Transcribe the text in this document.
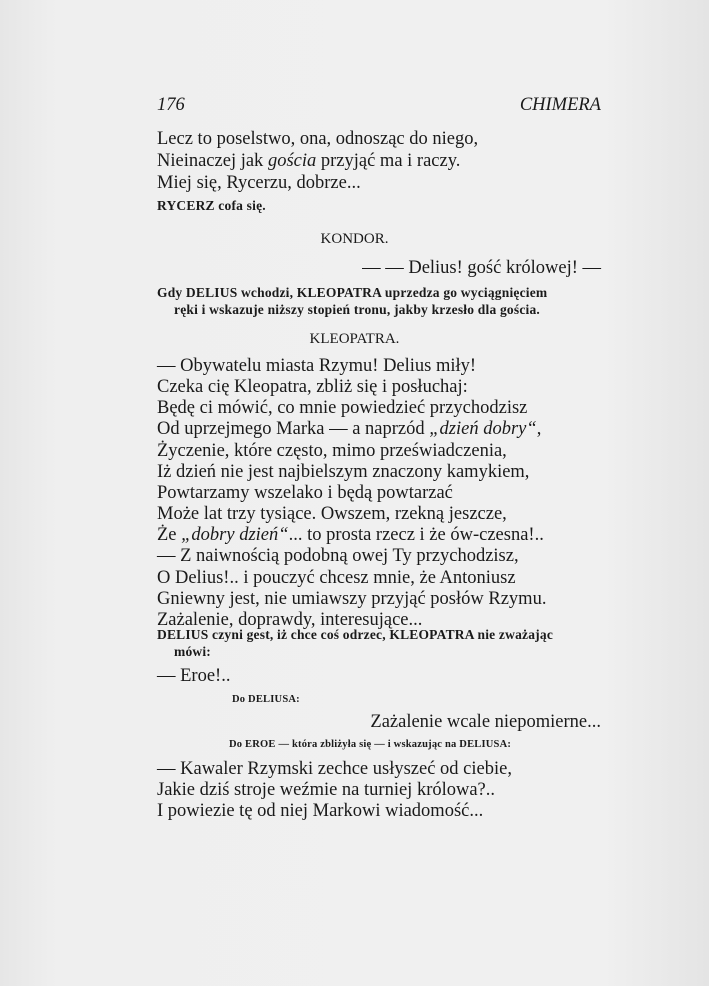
176	CHIMERA
Lecz to poselstwo, ona, odnosząc do niego,
Nieinaczej jak gościa przyjąć ma i raczy.
Miej się, Rycerzu, dobrze...
RYCERZ cofa się.
KONDOR.
— — Delius! gość królowej! —
Gdy DELIUS wchodzi, KLEOPATRA uprzedza go wyciągnięciem
ręki i wskazuje niższy stopień tronu, jakby krzesło dla gościa.
KLEOPATRA.
— Obywatelu miasta Rzymu! Delius miły!
Czeka cię Kleopatra, zbliż się i posłuchaj:
Będę ci mówić, co mnie powiedzieć przychodzisz
Od uprzejmego Marka — a naprzód „dzień dobry“,
Życzenie, które często, mimo przeświadczenia,
Iż dzień nie jest najbielszym znaczony kamykiem,
Powtarzamy wszelako i będą powtarzać
Może lat trzy tysiące. Owszem, rzekną jeszcze,
Że „dobry dzień“... to prosta rzecz i że ów-czesna!..
— Z naiwnością podobną owej Ty przychodzisz,
O Delius!.. i pouczyć chcesz mnie, że Antoniusz
Gniewny jest, nie umiawszy przyjąć posłów Rzymu.
Zażalenie, doprawdy, interesujące...
DELIUS czyni gest, iż chce coś odrzec, KLEOPATRA nie zważając
mówi:
— Eroe!..
Do DELIUSA:
Zażalenie wcale niepomierne...
Do EROE — która zbliżyła się — i wskazując na DELIUSA:
— Kawaler Rzymski zechce usłyszeć od ciebie,
Jakie dziś stroje weźmie na turniej królowa?..
I powiezie tę od niej Markowi wiadomość...
